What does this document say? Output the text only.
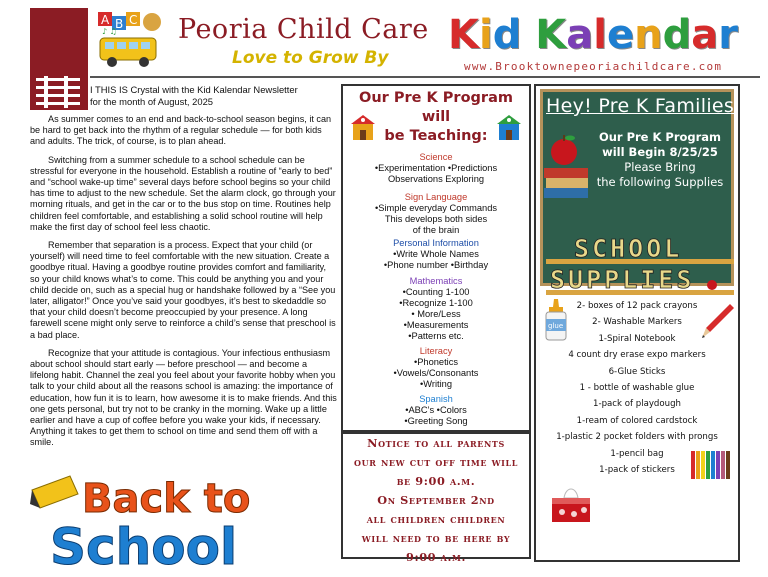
A B C
♪ ♫ Peoria Child Care
Love to Grow By Kid Kalendar
www.Brooktownepeoriachildcare.com
I THIS IS Crystal with the Kid Kalendar Newsletter
for the month of August, 2025

As summer comes to an end and back-to-school season begins, it can be hard to get back into the rhythm of a regular schedule — for both kids and adults. The trick, of course, is to plan ahead.

Switching from a summer schedule to a school schedule can be stressful for everyone in the household. Establish a routine of “early to bed” and “school wake-up time” several days before school begins so your child has time to adjust to the new schedule. Set the alarm clock, go through your morning rituals, and get in the car or to the bus stop on time. Routines help children feel comfortable, and establishing a solid school routine will help make the first day of school feel less chaotic.

Remember that separation is a process. Expect that your child (or yourself) will need time to feel comfortable with the new situation. Create a goodbye ritual. Having a goodbye routine provides comfort and familiarity, so your child knows what’s to come. This could be anything you and your child decide on, such as a special hug or handshake followed by a “See you later, alligator!” Once you’ve said your goodbyes, it’s best to skedaddle so that your child doesn’t become preoccupied by your presence. A long farewell scene might only serve to reinforce a child’s sense that preschool is a bad place.

Recognize that your attitude is contagious. Your infectious enthusiasm about school should start early — before preschool — and become a lifelong habit. Channel the zeal you feel about your favorite hobby when you talk to your child about all the reasons school is amazing: the importance of education, how fun it is to learn, how awesome it is to make friends. And this one gets personal, but try not to be cranky in the morning. Wake up a little earlier and have a cup of coffee before you wake your kids, if necessary. Anything it takes to get them to school on time and send them off with a smile.

Back to
School
Our Pre K Program will
be Teaching:
Science
•Experimentation •Predictions
Observations Exploring
Sign Language
•Simple everyday Commands
This develops both sides
of the brain
Personal Information
•Write Whole Names
•Phone number •Birthday
Mathematics
•Counting 1-100
•Recognize 1-100
• More/Less
•Measurements
•Patterns etc.
Literacy
•Phonetics
•Vowels/Consonants
•Writing
Spanish
•ABC’s •Colors
•Greeting Song
Notice to all parents
our new cut off time will
be 9:00 a.m.
On September 2nd
all children children
will need to be here by
9:00 a.m.
Hey! Pre K Families
Our Pre K Program
will Begin 8/25/25
Please Bring
the following Supplies
SCHOOL
SUPPLIES
glue
2- boxes of 12 pack crayons
2- Washable Markers
1-Spiral Notebook
4 count dry erase expo markers
6-Glue Sticks
1 - bottle of washable glue
1-pack of playdough
1-ream of colored cardstock
1-plastic 2 pocket folders with prongs
1-pencil bag
1-pack of stickers
